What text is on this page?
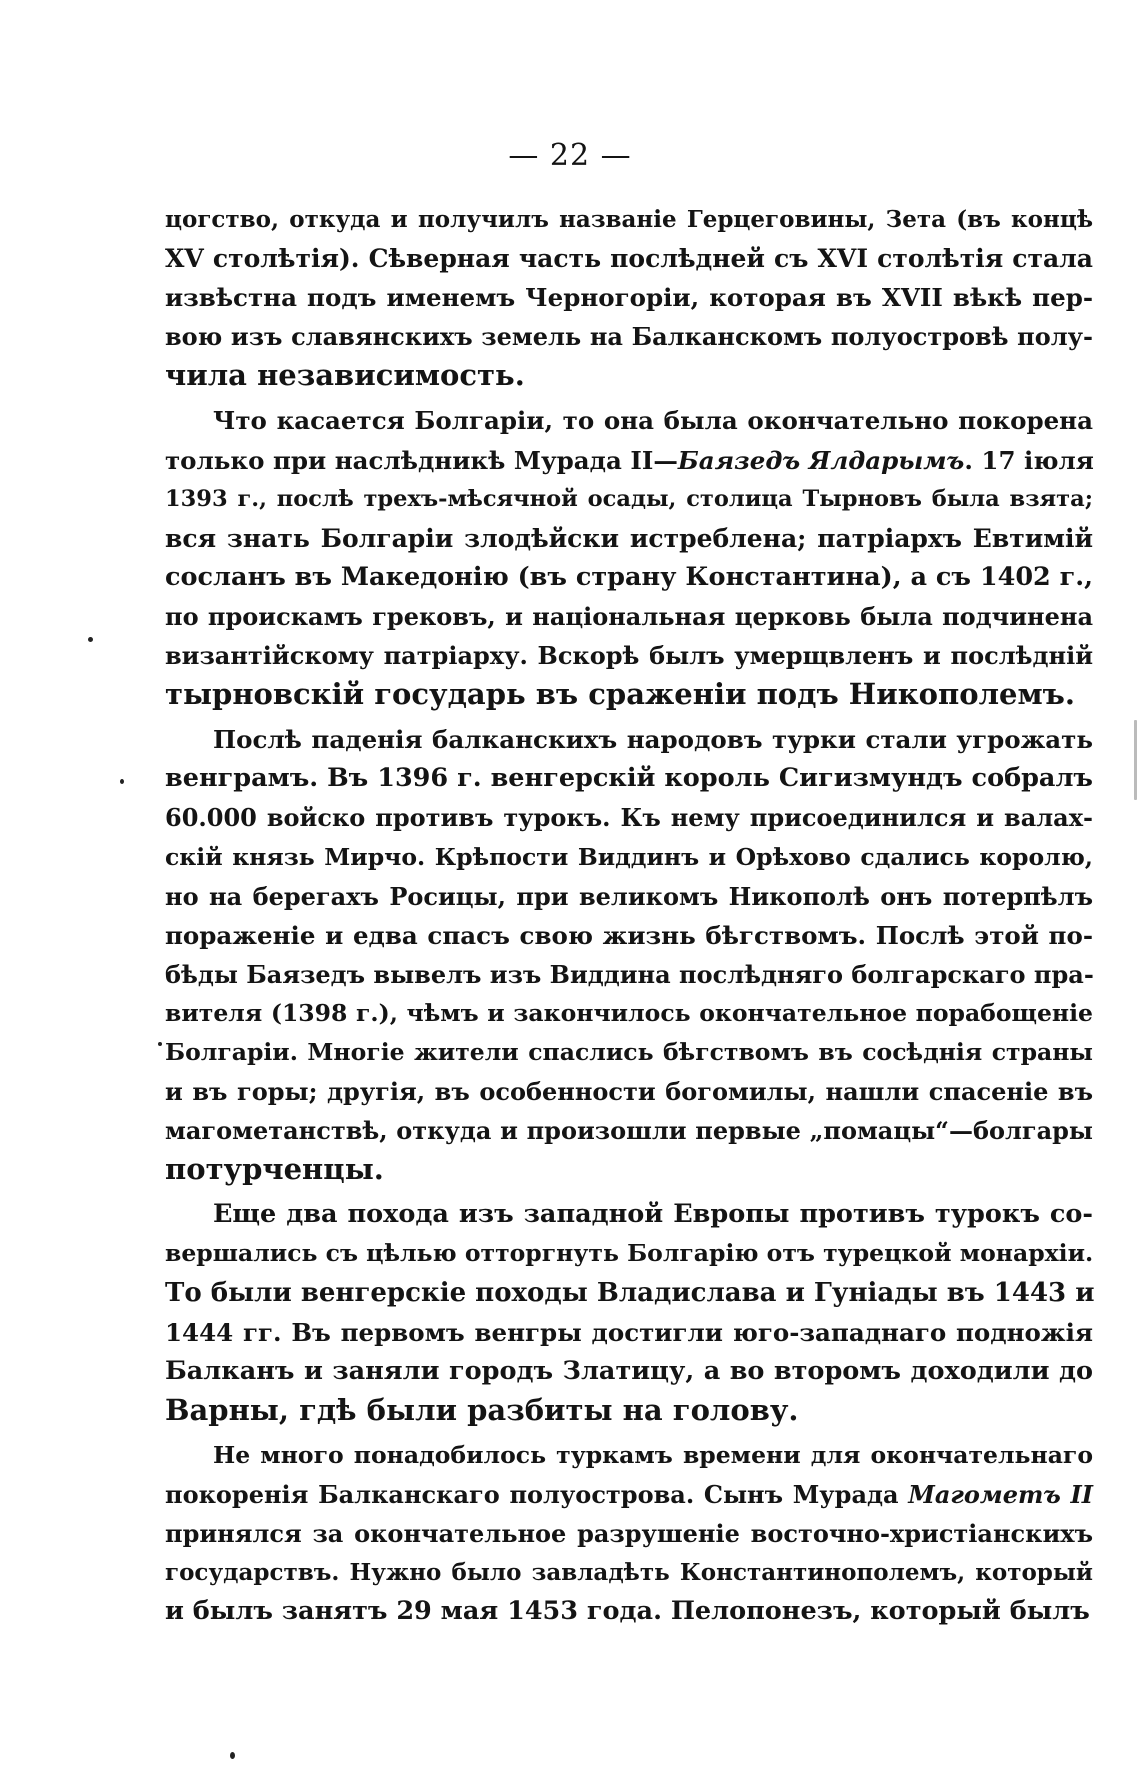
— 22 —
цогство, откуда и получилъ названіе Герцеговины, Зета (въ концѣ
XV столѣтія). Сѣверная часть послѣдней съ XVI столѣтія стала
извѣстна подъ именемъ Черногоріи, которая въ XVII вѣкѣ пер-
вою изъ славянскихъ земель на Балканскомъ полуостровѣ полу-
чила независимость.
Что касается Болгаріи, то она была окончательно покорена
только при наслѣдникѣ Мурада II—Баязедъ Ялдарымъ. 17 іюля
1393 г., послѣ трехъ-мѣсячной осады, столица Тырновъ была взята;
вся знать Болгаріи злодѣйски истреблена; патріархъ Евтимій
сосланъ въ Македонію (въ страну Константина), а съ 1402 г.,
по проискамъ грековъ, и національная церковь была подчинена
византійскому патріарху. Вскорѣ былъ умерщвленъ и послѣдній
тырновскій государь въ сраженіи подъ Никополемъ.
Послѣ паденія балканскихъ народовъ турки стали угрожать
венграмъ. Въ 1396 г. венгерскій король Сигизмундъ собралъ
60.000 войско противъ турокъ. Къ нему присоединился и валах-
скій князь Мирчо. Крѣпости Виддинъ и Орѣхово сдались королю,
но на берегахъ Росицы, при великомъ Никополѣ онъ потерпѣлъ
пораженіе и едва спасъ свою жизнь бѣгствомъ. Послѣ этой по-
бѣды Баязедъ вывелъ изъ Виддина послѣдняго болгарскаго пра-
вителя (1398 г.), чѣмъ и закончилось окончательное порабощеніе
Болгаріи. Многіе жители спаслись бѣгствомъ въ сосѣднія страны
и въ горы; другія, въ особенности богомилы, нашли спасеніе въ
магометанствѣ, откуда и произошли первые „помацы“—болгары
потурченцы.
Еще два похода изъ западной Европы противъ турокъ со-
вершались съ цѣлью отторгнуть Болгарію отъ турецкой монархіи.
То были венгерскіе походы Владислава и Гуніады въ 1443 и
1444 гг. Въ первомъ венгры достигли юго-западнаго подножія
Балканъ и заняли городъ Златицу, а во второмъ доходили до
Варны, гдѣ были разбиты на голову.
Не много понадобилось туркамъ времени для окончательнаго
покоренія Балканскаго полуострова. Сынъ Мурада Магометъ II
принялся за окончательное разрушеніе восточно-христіанскихъ
государствъ. Нужно было завладѣть Константинополемъ, который
и былъ занятъ 29 мая 1453 года. Пелопонезъ, который былъ
